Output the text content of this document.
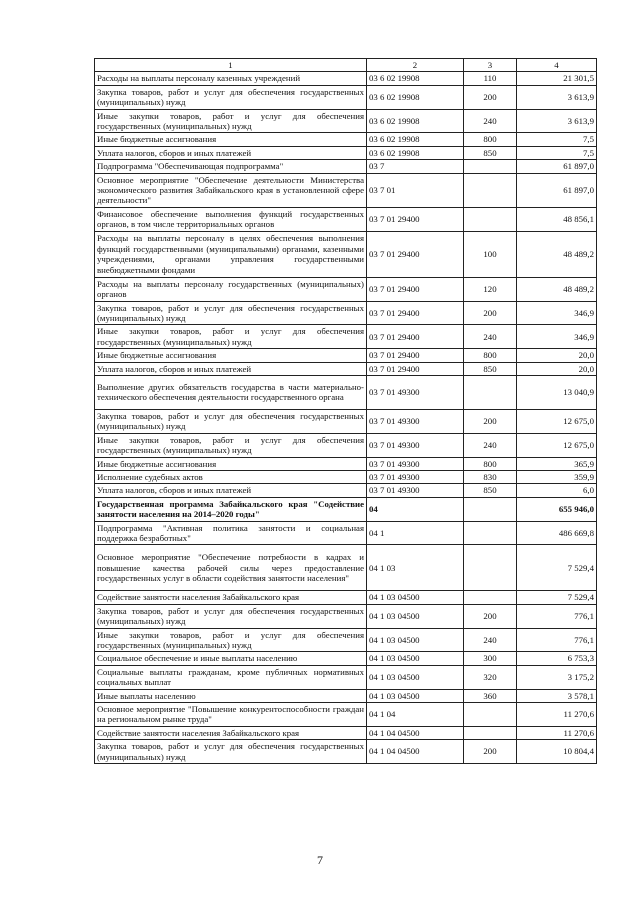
1	2	3	4
Расходы на выплаты персоналу казенных учреждений	03 6 02 19908	110	21 301,5
Закупка товаров, работ и услуг для обеспечения государственных (муниципальных) нужд	03 6 02 19908	200	3 613,9
Иные закупки товаров, работ и услуг для обеспечения государственных (муниципальных) нужд	03 6 02 19908	240	3 613,9
Иные бюджетные ассигнования	03 6 02 19908	800	7,5
Уплата налогов, сборов и иных платежей	03 6 02 19908	850	7,5
Подпрограмма "Обеспечивающая подпрограмма"	03 7		61 897,0
Основное мероприятие "Обеспечение деятельности Министерства экономического развития Забайкальского края в установленной сфере деятельности"	03 7 01		61 897,0
Финансовое обеспечение выполнения функций государственных органов, в том числе территориальных органов	03 7 01 29400		48 856,1
Расходы на выплаты персоналу в целях обеспечения выполнения функций государственными (муниципальными) органами, казенными учреждениями, органами управления государственными внебюджетными фондами	03 7 01 29400	100	48 489,2
Расходы на выплаты персоналу государственных (муниципальных) органов	03 7 01 29400	120	48 489,2
Закупка товаров, работ и услуг для обеспечения государственных (муниципальных) нужд	03 7 01 29400	200	346,9
Иные закупки товаров, работ и услуг для обеспечения государственных (муниципальных) нужд	03 7 01 29400	240	346,9
Иные бюджетные ассигнования	03 7 01 29400	800	20,0
Уплата налогов, сборов и иных платежей	03 7 01 29400	850	20,0
Выполнение других обязательств государства в части материально-технического обеспечения деятельности государственного органа	03 7 01 49300		13 040,9
Закупка товаров, работ и услуг для обеспечения государственных (муниципальных) нужд	03 7 01 49300	200	12 675,0
Иные закупки товаров, работ и услуг для обеспечения государственных (муниципальных) нужд	03 7 01 49300	240	12 675,0
Иные бюджетные ассигнования	03 7 01 49300	800	365,9
Исполнение судебных актов	03 7 01 49300	830	359,9
Уплата налогов, сборов и иных платежей	03 7 01 49300	850	6,0
Государственная программа Забайкальского края "Содействие занятости населения на 2014–2020 годы"	04		655 946,0
Подпрограмма "Активная политика занятости и социальная поддержка безработных"	04 1		486 669,8
Основное мероприятие "Обеспечение потребности в кадрах и повышение качества рабочей силы через предоставление государственных услуг в области содействия занятости населения"	04 1 03		7 529,4
Содействие занятости населения Забайкальского края	04 1 03 04500		7 529,4
Закупка товаров, работ и услуг для обеспечения государственных (муниципальных) нужд	04 1 03 04500	200	776,1
Иные закупки товаров, работ и услуг для обеспечения государственных (муниципальных) нужд	04 1 03 04500	240	776,1
Социальное обеспечение и иные выплаты населению	04 1 03 04500	300	6 753,3
Социальные выплаты гражданам, кроме публичных нормативных социальных выплат	04 1 03 04500	320	3 175,2
Иные выплаты населению	04 1 03 04500	360	3 578,1
Основное мероприятие "Повышение конкурентоспособности граждан на региональном рынке труда"	04 1 04		11 270,6
Содействие занятости населения Забайкальского края	04 1 04 04500		11 270,6
Закупка товаров, работ и услуг для обеспечения государственных (муниципальных) нужд	04 1 04 04500	200	10 804,4
7
